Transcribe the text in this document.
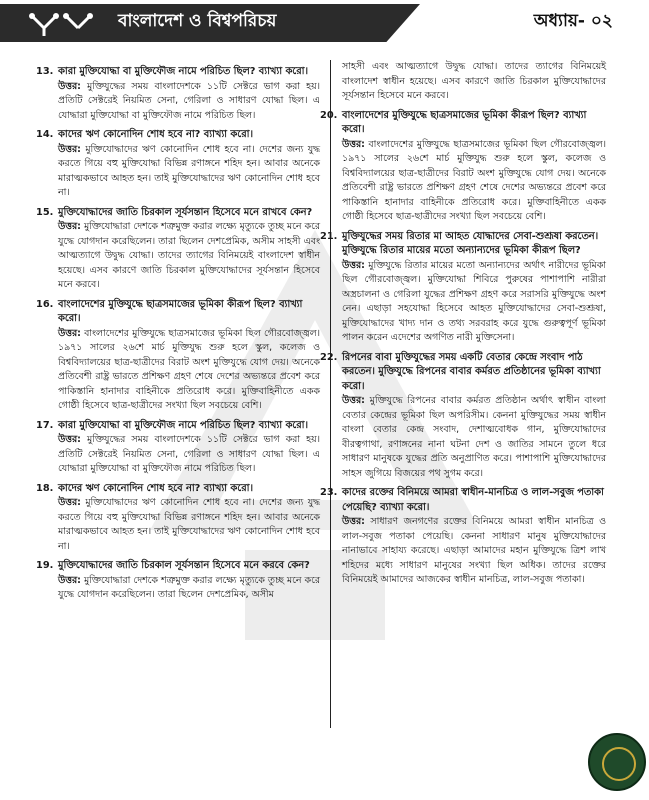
বাংলাদেশ ও বিশ্বপরিচয়	অধ্যায়- ০২
13. কারা মুক্তিযোদ্ধা বা মুক্তিফৌজ নামে পরিচিত ছিল? ব্যাখ্যা করো।
উত্তর: মুক্তিযুদ্ধের সময় বাংলাদেশকে ১১টি সেক্টরে ভাগ করা হয়। প্রতিটি সেক্টরেই নিয়মিত সেনা, গেরিলা ও সাধারণ যোদ্ধা ছিল। এ যোদ্ধারা মুক্তিযোদ্ধা বা মুক্তিফৌজ নামে পরিচিত ছিল।
14. কাদের ঋণ কোনোদিন শোধ হবে না? ব্যাখ্যা করো।
উত্তর: মুক্তিযোদ্ধাদের ঋণ কোনোদিন শোধ হবে না। দেশের জন্য যুদ্ধ করতে গিয়ে বহু মুক্তিযোদ্ধা বিভিন্ন রণাঙ্গনে শহিদ হন। আবার অনেকে মারাত্মকভাবে আহত হন। তাই মুক্তিযোদ্ধাদের ঋণ কোনোদিন শোধ হবে না।
15. মুক্তিযোদ্ধাদের জাতি চিরকাল সূর্যসন্তান হিসেবে মনে রাখবে কেন?
উত্তর: মুক্তিযোদ্ধারা দেশকে শত্রুমুক্ত করার লক্ষ্যে মৃত্যুকে তুচ্ছ মনে করে যুদ্ধে যোগদান করেছিলেন। তারা ছিলেন দেশপ্রেমিক, অসীম সাহসী এবং আত্মত্যাগে উদ্বুদ্ধ যোদ্ধা। তাদের ত্যাগের বিনিময়েই বাংলাদেশ স্বাধীন হয়েছে। এসব কারণে জাতি চিরকাল মুক্তিযোদ্ধাদের সূর্যসন্তান হিসেবে মনে করবে।
16. বাংলাদেশের মুক্তিযুদ্ধে ছাত্রসমাজের ভূমিকা কীরূপ ছিল? ব্যাখ্যা করো।
উত্তর: বাংলাদেশের মুক্তিযুদ্ধে ছাত্রসমাজের ভূমিকা ছিল গৌরবোজ্জ্বল। ১৯৭১ সালের ২৬শে মার্চ মুক্তিযুদ্ধ শুরু হলে স্কুল, কলেজ ও বিশ্ববিদ্যালয়ের ছাত্র-ছাত্রীদের বিরাট অংশ মুক্তিযুদ্ধে যোগ দেয়। অনেকে প্রতিবেশী রাষ্ট্র ভারতে প্রশিক্ষণ গ্রহণ শেষে দেশের অভ্যন্তরে প্রবেশ করে পাকিস্তানি হানাদার বাহিনীকে প্রতিরোধ করে। মুক্তিবাহিনীতে একক গোষ্ঠী হিসেবে ছাত্র-ছাত্রীদের সংখ্যা ছিল সবচেয়ে বেশি।
17. কারা মুক্তিযোদ্ধা বা মুক্তিফৌজ নামে পরিচিত ছিল? ব্যাখ্যা করো।
উত্তর: মুক্তিযুদ্ধের সময় বাংলাদেশকে ১১টি সেক্টরে ভাগ করা হয়। প্রতিটি সেক্টরেই নিয়মিত সেনা, গেরিলা ও সাধারণ যোদ্ধা ছিল। এ যোদ্ধারা মুক্তিযোদ্ধা বা মুক্তিফৌজ নামে পরিচিত ছিল।
18. কাদের ঋণ কোনোদিন শোধ হবে না? ব্যাখ্যা করো।
উত্তর: মুক্তিযোদ্ধাদের ঋণ কোনোদিন শোধ হবে না। দেশের জন্য যুদ্ধ করতে গিয়ে বহু মুক্তিযোদ্ধা বিভিন্ন রণাঙ্গনে শহিদ হন। আবার অনেকে মারাত্মকভাবে আহত হন। তাই মুক্তিযোদ্ধাদের ঋণ কোনোদিন শোধ হবে না।
19. মুক্তিযোদ্ধাদের জাতি চিরকাল সূর্যসন্তান হিসেবে মনে করবে কেন?
উত্তর: মুক্তিযোদ্ধারা দেশকে শত্রুমুক্ত করার লক্ষ্যে মৃত্যুকে তুচ্ছ মনে করে যুদ্ধে যোগদান করেছিলেন। তারা ছিলেন দেশপ্রেমিক, অসীম
সাহসী এবং আত্মত্যাগে উদ্বুদ্ধ যোদ্ধা। তাদের ত্যাগের বিনিময়েই বাংলাদেশ স্বাধীন হয়েছে। এসব কারণে জাতি চিরকাল মুক্তিযোদ্ধাদের সূর্যসন্তান হিসেবে মনে করবে।
20. বাংলাদেশের মুক্তিযুদ্ধে ছাত্রসমাজের ভূমিকা কীরূপ ছিল? ব্যাখ্যা করো।
উত্তর: বাংলাদেশের মুক্তিযুদ্ধে ছাত্রসমাজের ভূমিকা ছিল গৌরবোজ্জ্বল। ১৯৭১ সালের ২৬শে মার্চ মুক্তিযুদ্ধ শুরু হলে স্কুল, কলেজ ও বিশ্ববিদ্যালয়ের ছাত্র-ছাত্রীদের বিরাট অংশ মুক্তিযুদ্ধে যোগ দেয়। অনেকে প্রতিবেশী রাষ্ট্র ভারতে প্রশিক্ষণ গ্রহণ শেষে দেশের অভ্যন্তরে প্রবেশ করে পাকিস্তানি হানাদার বাহিনীকে প্রতিরোধ করে। মুক্তিবাহিনীতে একক গোষ্ঠী হিসেবে ছাত্র-ছাত্রীদের সংখ্যা ছিল সবচেয়ে বেশি।
21. মুক্তিযুদ্ধের সময় রিতার মা আহত যোদ্ধাদের সেবা-শুশ্রূষা করতেন। মুক্তিযুদ্ধে রিতার মায়ের মতো অন্যান্যদের ভূমিকা কীরূপ ছিল?
উত্তর: মুক্তিযুদ্ধে রিতার মায়ের মতো অন্যান্যদের অর্থাৎ নারীদের ভূমিকা ছিল গৌরবোজ্জ্বল। মুক্তিযোদ্ধা শিবিরে পুরুষের পাশাপাশি নারীরা অস্ত্রচালনা ও গেরিলা যুদ্ধের প্রশিক্ষণ গ্রহণ করে সরাসরি মুক্তিযুদ্ধে অংশ নেন। এছাড়া সহযোদ্ধা হিসেবে আহত মুক্তিযোদ্ধাদের সেবা-শুশ্রূষা, মুক্তিযোদ্ধাদের খাদ্য দান ও তথ্য সরবরাহ করে যুদ্ধে গুরুত্বপূর্ণ ভূমিকা পালন করেন এদেশের অগণিত নারী মুক্তিসেনা।
22. রিপনের বাবা মুক্তিযুদ্ধের সময় একটি বেতার কেন্দ্রে সংবাদ পাঠ করতেন। মুক্তিযুদ্ধে রিপনের বাবার কর্মরত প্রতিষ্ঠানের ভূমিকা ব্যাখ্যা করো।
উত্তর: মুক্তিযুদ্ধে রিপনের বাবার কর্মরত প্রতিষ্ঠান অর্থাৎ স্বাধীন বাংলা বেতার কেন্দ্রের ভূমিকা ছিল অপরিসীম। কেননা মুক্তিযুদ্ধের সময় স্বাধীন বাংলা বেতার কেন্দ্র সংবাদ, দেশাত্মবোধক গান, মুক্তিযোদ্ধাদের বীরত্বগাথা, রণাঙ্গনের নানা ঘটনা দেশ ও জাতির সামনে তুলে ধরে সাধারণ মানুষকে যুদ্ধের প্রতি অনুপ্রাণিত করে। পাশাপাশি মুক্তিযোদ্ধাদের সাহস জুগিয়ে বিজয়ের পথ সুগম করে।
23. কাদের রক্তের বিনিময়ে আমরা স্বাধীন-মানচিত্র ও লাল-সবুজ পতাকা পেয়েছি? ব্যাখ্যা করো।
উত্তর: সাধারণ জনগণের রক্তের বিনিময়ে আমরা স্বাধীন মানচিত্র ও লাল-সবুজ পতাকা পেয়েছি। কেননা সাধারণ মানুষ মুক্তিযোদ্ধাদের নানাভাবে সাহায্য করেছে। এছাড়া আমাদের মহান মুক্তিযুদ্ধে ত্রিশ লাখ শহিদের মধ্যে সাধারণ মানুষের সংখ্যা ছিল অধিক। তাদের রক্তের বিনিময়েই আমাদের আজকের স্বাধীন মানচিত্র, লাল-সবুজ পতাকা।
